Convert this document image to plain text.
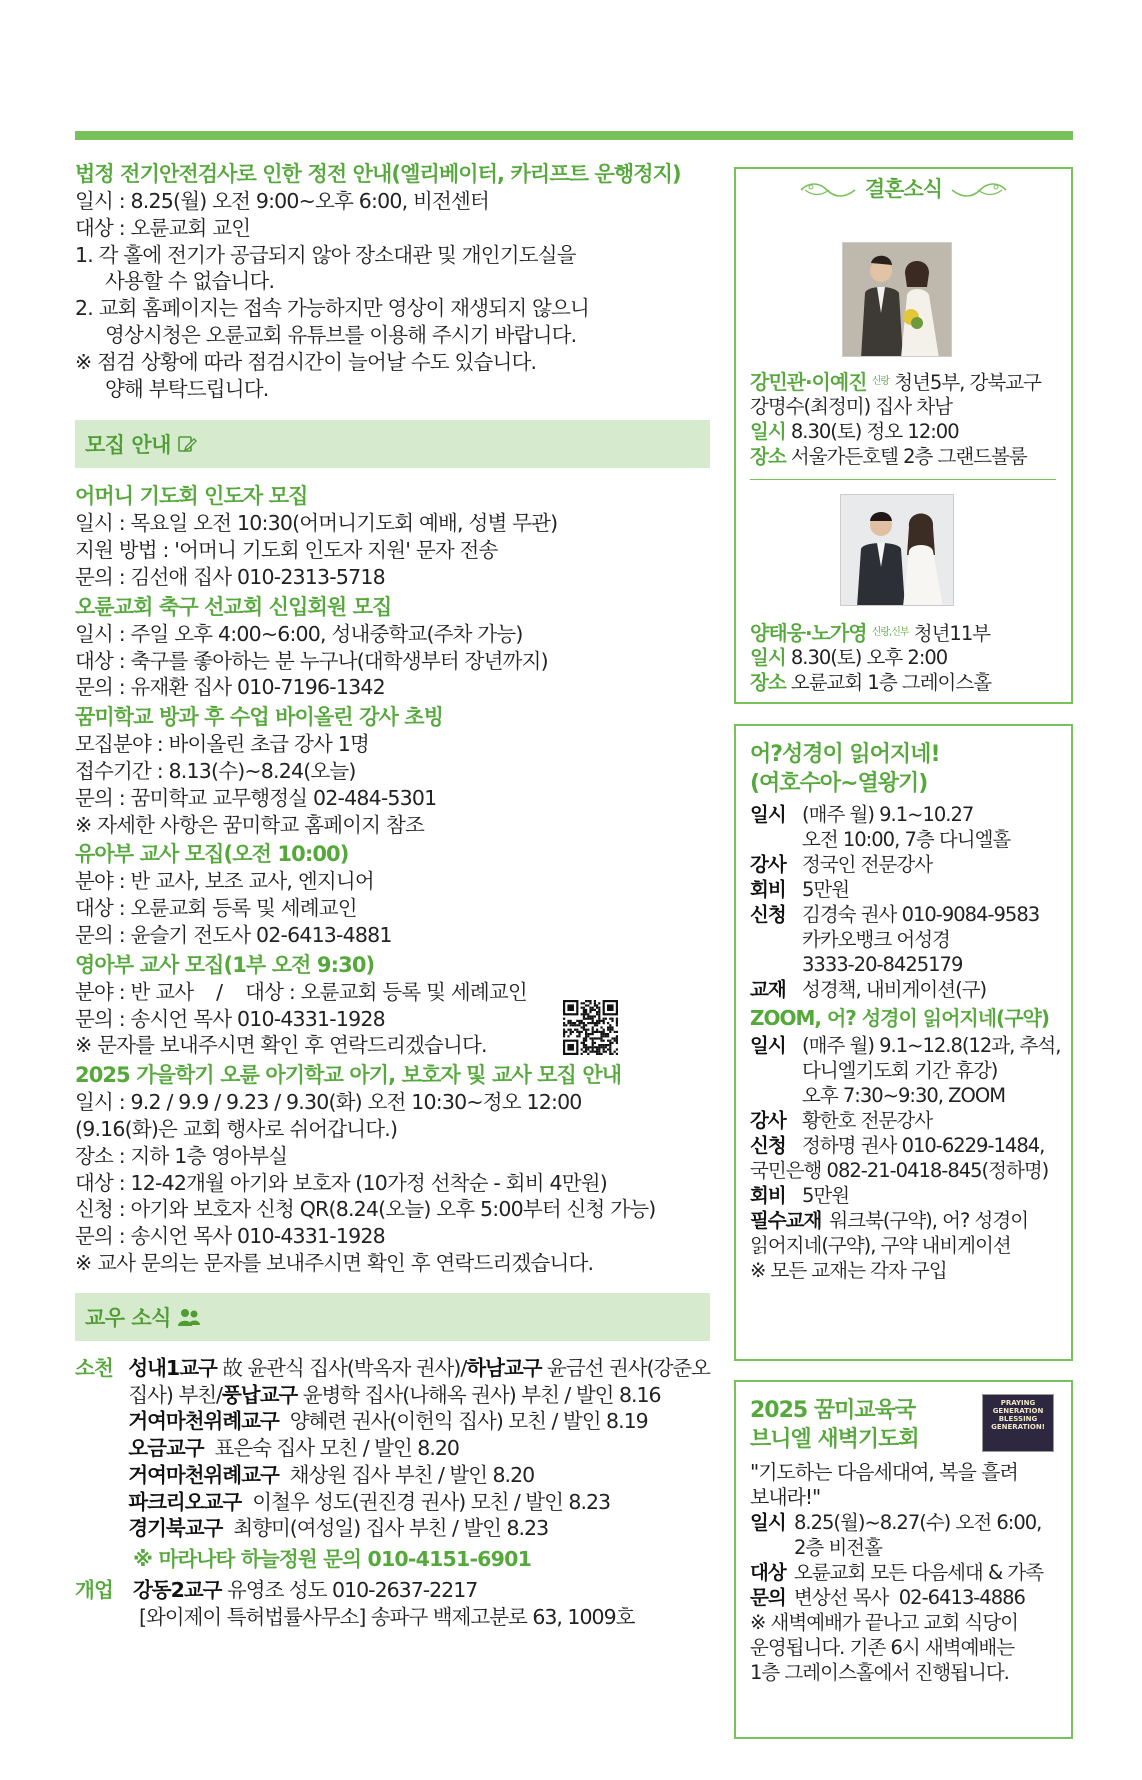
법정 전기안전검사로 인한 정전 안내(엘리베이터, 카리프트 운행정지)
일시 : 8.25(월) 오전 9:00~오후 6:00, 비전센터
대상 : 오륜교회 교인
1. 각 홀에 전기가 공급되지 않아 장소대관 및 개인기도실을
사용할 수 없습니다.
2. 교회 홈페이지는 접속 가능하지만 영상이 재생되지 않으니
영상시청은 오륜교회 유튜브를 이용해 주시기 바랍니다.
※ 점검 상황에 따라 점검시간이 늘어날 수도 있습니다.
양해 부탁드립니다.
모집 안내
어머니 기도회 인도자 모집
일시 : 목요일 오전 10:30(어머니기도회 예배, 성별 무관)
지원 방법 : '어머니 기도회 인도자 지원' 문자 전송
문의 : 김선애 집사 010-2313-5718
오륜교회 축구 선교회 신입회원 모집
일시 : 주일 오후 4:00~6:00, 성내중학교(주차 가능)
대상 : 축구를 좋아하는 분 누구나(대학생부터 장년까지)
문의 : 유재환 집사 010-7196-1342
꿈미학교 방과 후 수업 바이올린 강사 초빙
모집분야 : 바이올린 초급 강사 1명
접수기간 : 8.13(수)~8.24(오늘)
문의 : 꿈미학교 교무행정실 02-484-5301
※ 자세한 사항은 꿈미학교 홈페이지 참조
유아부 교사 모집(오전 10:00)
분야 : 반 교사, 보조 교사, 엔지니어
대상 : 오륜교회 등록 및 세례교인
문의 : 윤슬기 전도사 02-6413-4881
영아부 교사 모집(1부 오전 9:30)
분야 : 반 교사    /    대상 : 오륜교회 등록 및 세례교인
문의 : 송시언 목사 010-4331-1928
※ 문자를 보내주시면 확인 후 연락드리겠습니다.
2025 가을학기 오륜 아기학교 아기, 보호자 및 교사 모집 안내
일시 : 9.2 / 9.9 / 9.23 / 9.30(화) 오전 10:30~정오 12:00
(9.16(화)은 교회 행사로 쉬어갑니다.)
장소 : 지하 1층 영아부실
대상 : 12-42개월 아기와 보호자 (10가정 선착순 - 회비 4만원)
신청 : 아기와 보호자 신청 QR(8.24(오늘) 오후 5:00부터 신청 가능)
문의 : 송시언 목사 010-4331-1928
※ 교사 문의는 문자를 보내주시면 확인 후 연락드리겠습니다.
교우 소식
소천 성내1교구 故 윤관식 집사(박옥자 권사)/하남교구 윤금선 권사(강준오
집사) 부친/풍납교구 윤병학 집사(나해옥 권사) 부친 / 발인 8.16
거여마천위례교구  양혜련 권사(이헌익 집사) 모친 / 발인 8.19
오금교구  표은숙 집사 모친 / 발인 8.20
거여마천위례교구  채상원 집사 부친 / 발인 8.20
파크리오교구  이철우 성도(권진경 권사) 모친 / 발인 8.23
경기북교구  최향미(여성일) 집사 부친 / 발인 8.23
※ 마라나타 하늘정원 문의 010-4151-6901
개업 강동2교구 유영조 성도 010-2637-2217
[와이제이 특허법률사무소] 송파구 백제고분로 63, 1009호
결혼소식
강민관·이예진 $^{신랑}$ 청년5부, 강북교구
강명수(최정미) 집사 차남
일시 8.30(토) 정오 12:00
장소 서울가든호텔 2층 그랜드볼룸
양태웅·노가영 $^{신랑,신부}$ 청년11부
일시 8.30(토) 오후 2:00
장소 오륜교회 1층 그레이스홀
어?성경이 읽어지네!
(여호수아~열왕기)
일시 (매주 월) 9.1~10.27
오전 10:00, 7층 다니엘홀
강사 정국인 전문강사
회비 5만원
신청 김경숙 권사 010-9084-9583
카카오뱅크 어성경
3333-20-8425179
교재 성경책, 내비게이션(구)
ZOOM, 어? 성경이 읽어지네(구약)
일시 (매주 월) 9.1~12.8(12과, 추석,
다니엘기도회 기간 휴강)
오후 7:30~9:30, ZOOM
강사 황한호 전문강사
신청 정하명 권사 010-6229-1484,
국민은행 082-21-0418-845(정하명)
회비 5만원
필수교재 워크북(구약), 어? 성경이
읽어지네(구약), 구약 내비게이션
※ 모든 교재는 각자 구입
2025 꿈미교육국
브니엘 새벽기도회
PRAYING
GENERATION
BLESSING
GENERATION!
"기도하는 다음세대여, 복을 흘려
보내라!"
일시 8.25(월)~8.27(수) 오전 6:00,
2층 비전홀
대상 오륜교회 모든 다음세대 & 가족
문의 변상선 목사  02-6413-4886
※ 새벽예배가 끝나고 교회 식당이
운영됩니다. 기존 6시 새벽예배는
1층 그레이스홀에서 진행됩니다.
